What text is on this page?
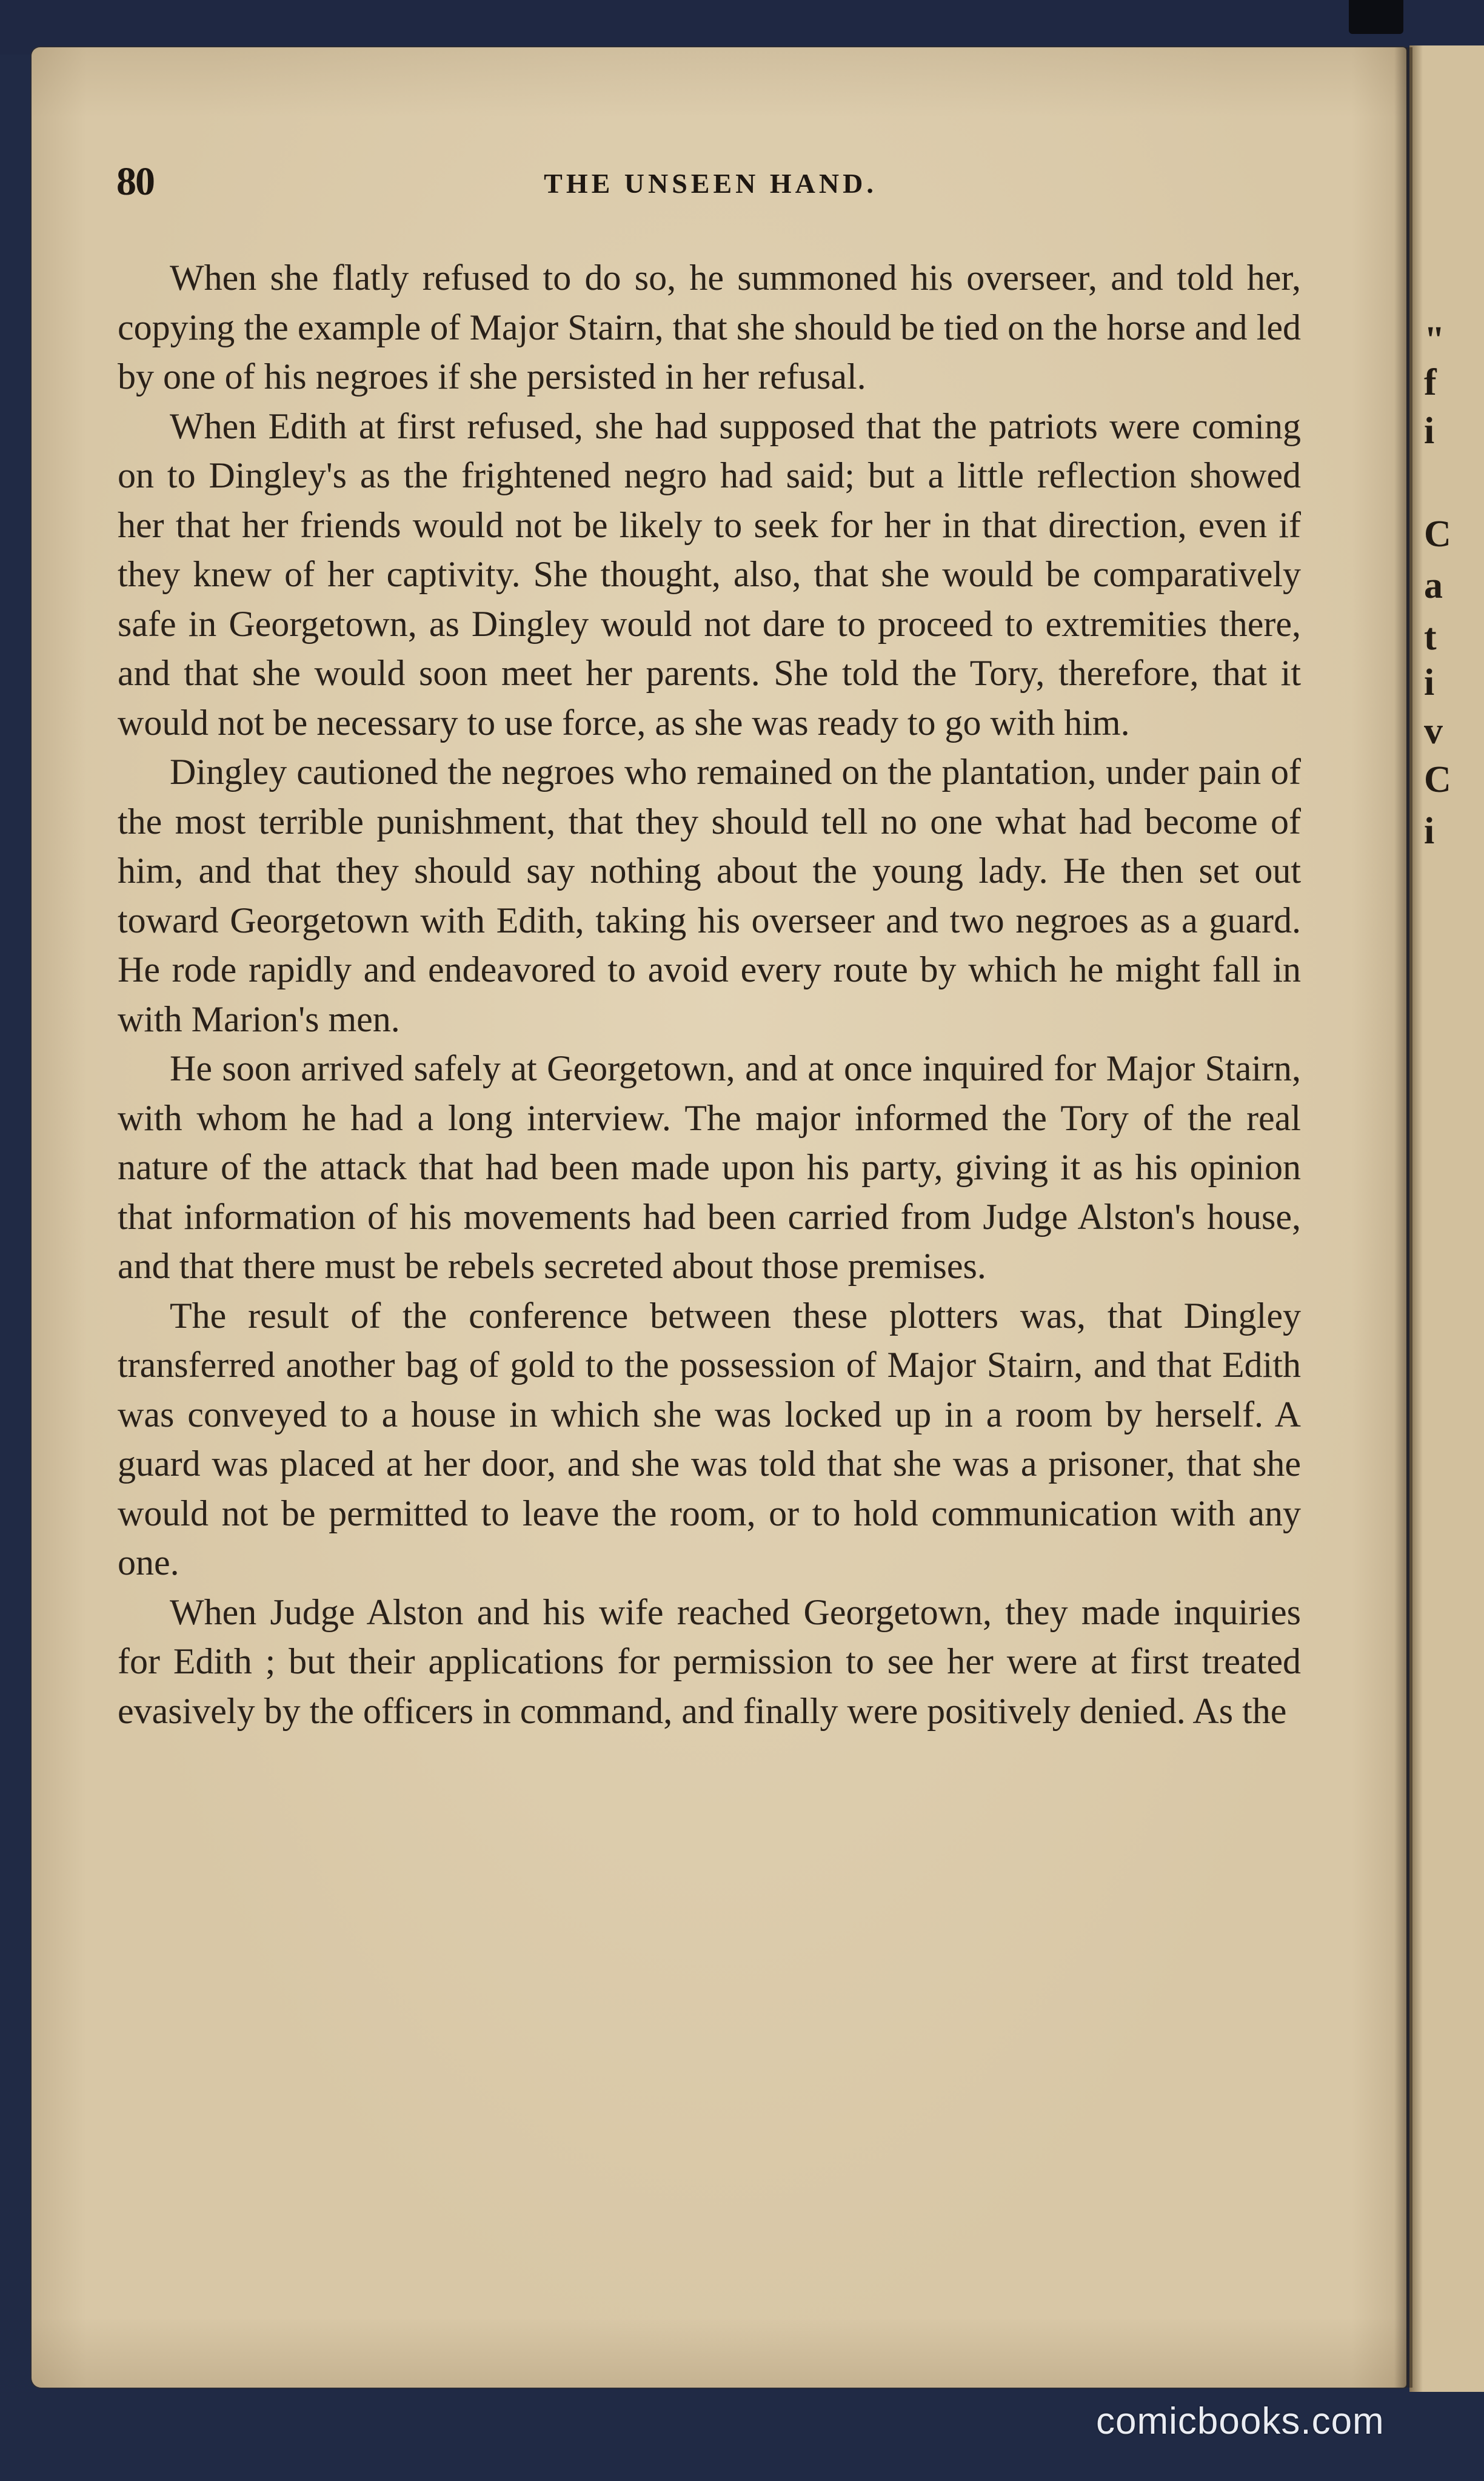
"
f
i
C
a
t
i
v
C
i
80	THE UNSEEN HAND.

When she flatly refused to do so, he summoned his overseer, and told her, copying the example of Major Stairn, that she should be tied on the horse and led by one of his negroes if she persisted in her refusal.

When Edith at first refused, she had supposed that the patriots were coming on to Dingley's as the frightened negro had said; but a little reflection showed her that her friends would not be likely to seek for her in that direction, even if they knew of her captivity. She thought, also, that she would be comparatively safe in Georgetown, as Dingley would not dare to proceed to extremities there, and that she would soon meet her parents. She told the Tory, therefore, that it would not be necessary to use force, as she was ready to go with him.

Dingley cautioned the negroes who remained on the plantation, under pain of the most terrible punishment, that they should tell no one what had become of him, and that they should say nothing about the young lady. He then set out toward Georgetown with Edith, taking his overseer and two negroes as a guard. He rode rapidly and endeavored to avoid every route by which he might fall in with Marion's men.

He soon arrived safely at Georgetown, and at once inquired for Major Stairn, with whom he had a long interview. The major informed the Tory of the real nature of the attack that had been made upon his party, giving it as his opinion that information of his movements had been carried from Judge Alston's house, and that there must be rebels secreted about those premises.

The result of the conference between these plotters was, that Dingley transferred another bag of gold to the possession of Major Stairn, and that Edith was conveyed to a house in which she was locked up in a room by herself. A guard was placed at her door, and she was told that she was a prisoner, that she would not be permitted to leave the room, or to hold communication with any one.

When Judge Alston and his wife reached Georgetown, they made inquiries for Edith ; but their applications for permission to see her were at first treated evasively by the officers in command, and finally were positively denied. As the

comicbooks.com
